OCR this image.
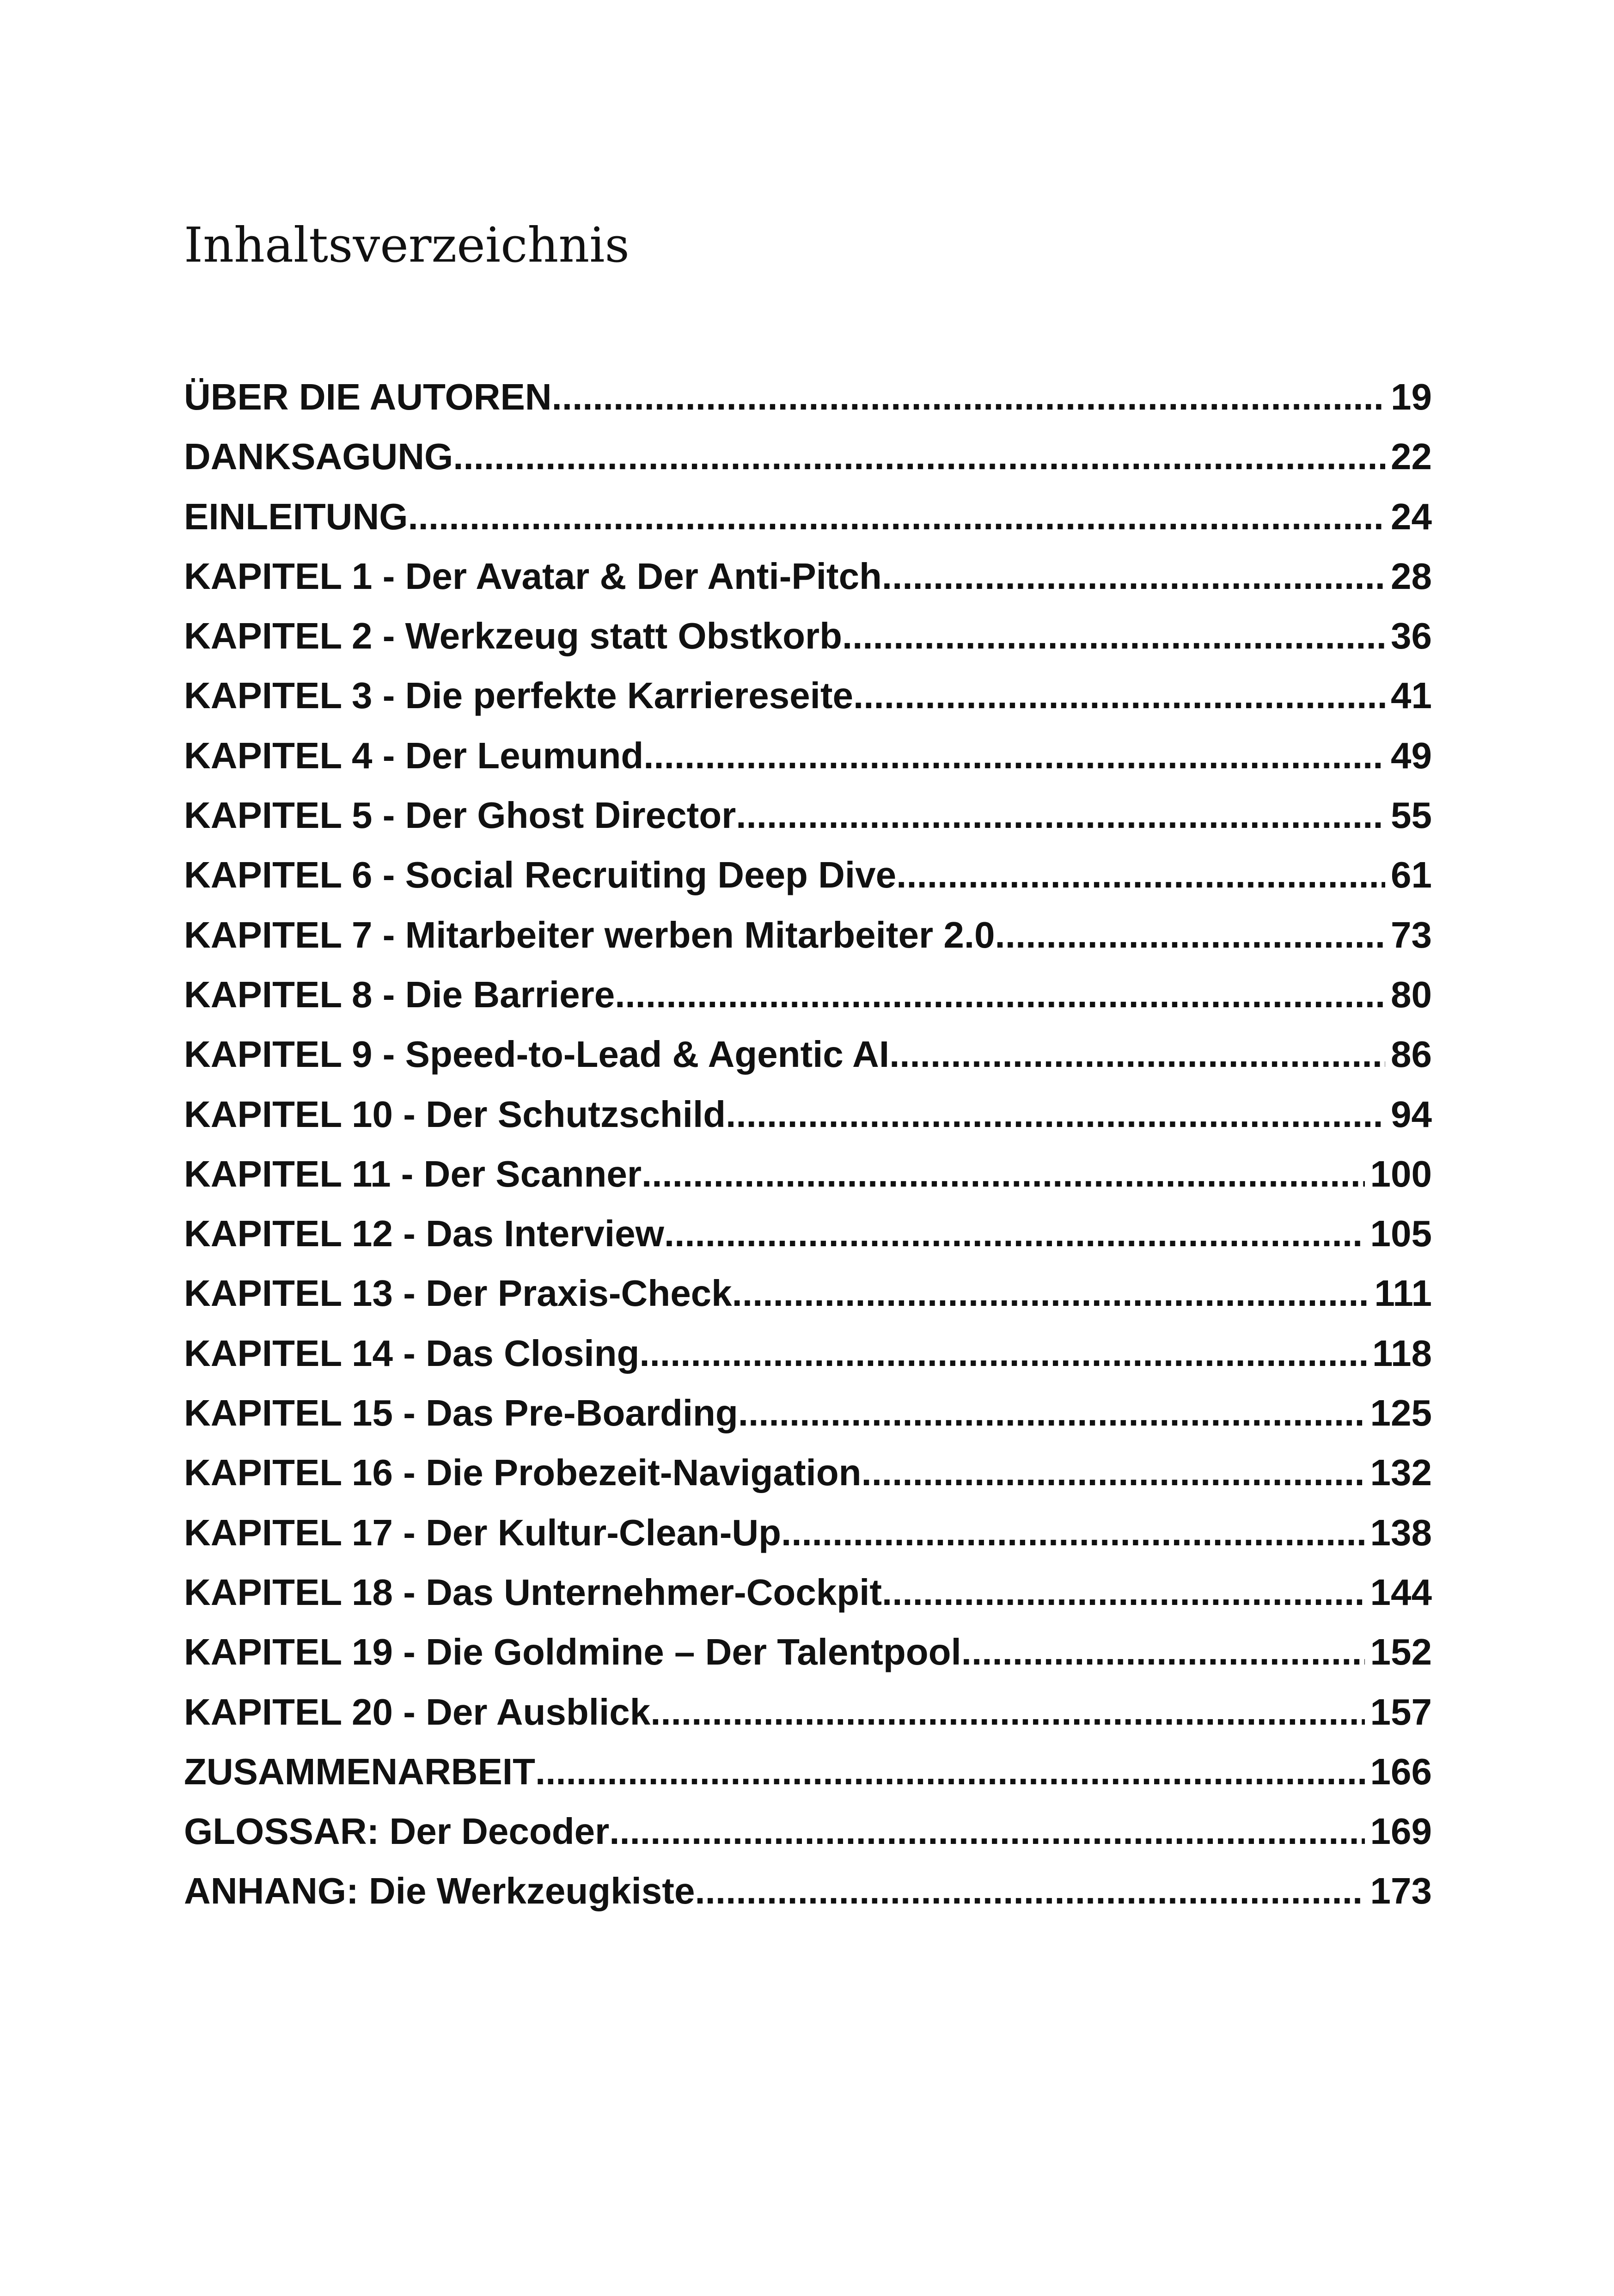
Inhaltsverzeichnis
ÜBER DIE AUTOREN .....	19
DANKSAGUNG .....	22
EINLEITUNG .....	24
KAPITEL 1 - Der Avatar & Der Anti-Pitch .....	28
KAPITEL 2 - Werkzeug statt Obstkorb .....	36
KAPITEL 3 - Die perfekte Karriereseite .....	41
KAPITEL 4 - Der Leumund .....	49
KAPITEL 5 - Der Ghost Director .....	55
KAPITEL 6 - Social Recruiting Deep Dive .....	61
KAPITEL 7 - Mitarbeiter werben Mitarbeiter 2.0 .....	73
KAPITEL 8 - Die Barriere .....	80
KAPITEL 9 - Speed-to-Lead & Agentic AI .....	86
KAPITEL 10 - Der Schutzschild .....	94
KAPITEL 11 - Der Scanner .....	100
KAPITEL 12 - Das Interview .....	105
KAPITEL 13 - Der Praxis-Check .....	111
KAPITEL 14 - Das Closing .....	118
KAPITEL 15 - Das Pre-Boarding .....	125
KAPITEL 16 - Die Probezeit-Navigation .....	132
KAPITEL 17 - Der Kultur-Clean-Up .....	138
KAPITEL 18 - Das Unternehmer-Cockpit .....	144
KAPITEL 19 - Die Goldmine – Der Talentpool .....	152
KAPITEL 20 - Der Ausblick .....	157
ZUSAMMENARBEIT .....	166
GLOSSAR: Der Decoder .....	169
ANHANG: Die Werkzeugkiste .....	173
